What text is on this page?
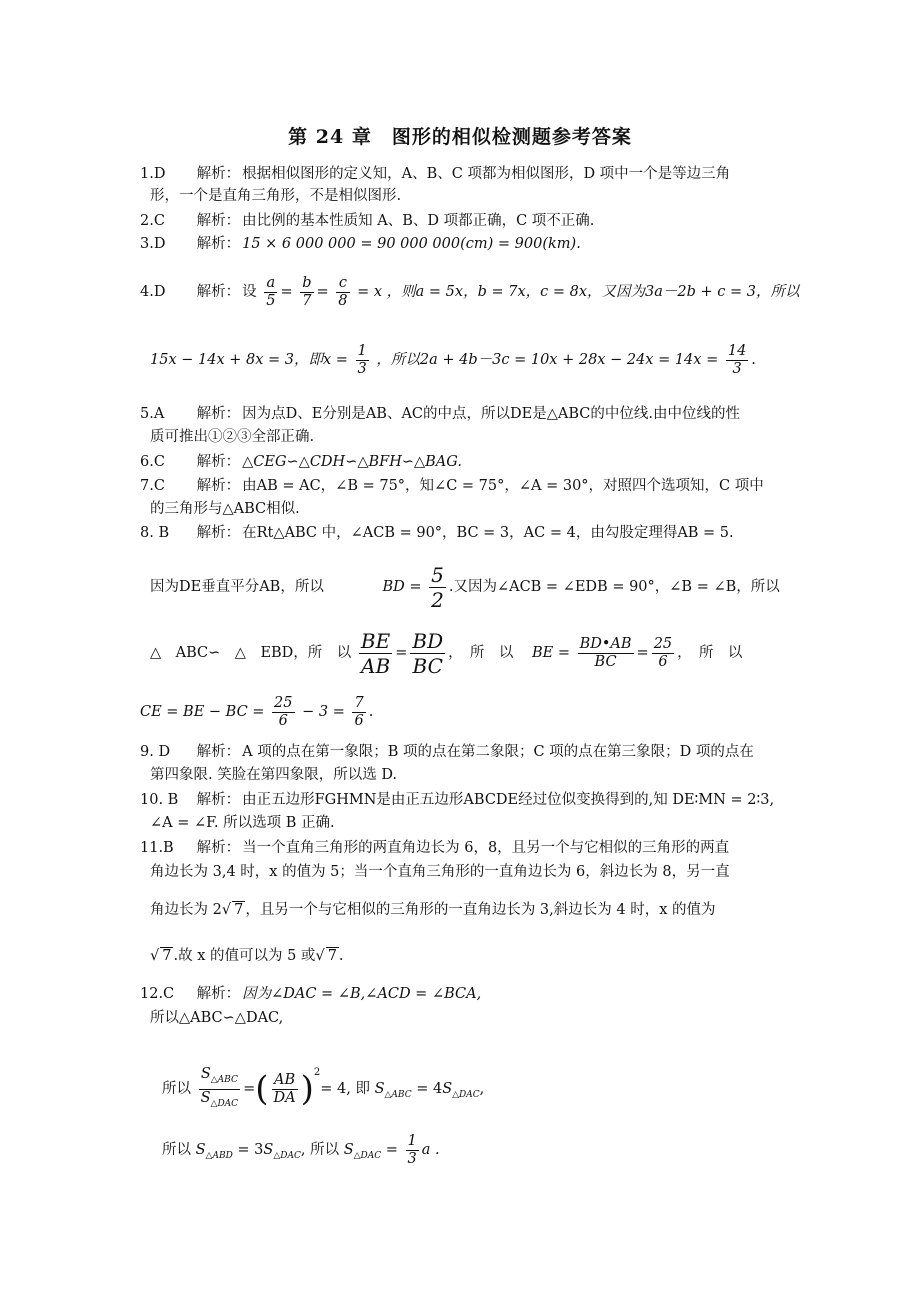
第 24 章　图形的相似检测题参考答案
1.D 解析： 根据相似图形的定义知，A、B、C 项都为相似图形，D 项中一个是等边三角
形，一个是直角三角形，不是相似图形.
2.C 解析： 由比例的基本性质知 A、B、D 项都正确，C 项不正确.
3.D 解析： 15 × 6 000 000 = 90 000 000(cm) = 900(km).
4.D 解析： 设 $\frac{a}{5} = \frac{b}{7} = \frac{c}{8} = x$ ，则a = 5x，b = 7x，c = 8x，又因为3a－2b + c = 3，所以
15x − 14x + 8x = 3，即$x = \frac{1}{3}$ ，所以$2a + 4b-3c = 10x + 28x - 24x = 14x = \frac{14}{3}$ .
5.A 解析： 因为点D、E分别是AB、AC的中点，所以DE是△ABC的中位线.由中位线的性
质可推出①②③全部正确.
6.C 解析： △CEG∽△CDH∽△BFH∽△BAG.
7.C 解析： 由AB = AC，∠B = 75°，知∠C = 75°，∠A = 30°，对照四个选项知，C 项中
的三角形与△ABC相似.
8. B 解析： 在Rt△ABC 中，∠ACB = 90°，BC = 3，AC = 4，由勾股定理得AB = 5.
因为DE垂直平分AB，所以	BD = $\frac{5}{2}$ .又因为∠ACB = ∠EDB = 90°，∠B = ∠B，所以
△　ABC∽　△　EBD，所　以 $\frac{BE}{AB} = \frac{BD}{BC}$ ，　所　以 BE = $\frac{BD•AB}{BC} = \frac{25}{6}$ ，　所　以
CE = BE − BC = $\frac{25}{6} - 3 = \frac{7}{6}$ .
9. D 解析： A 项的点在第一象限；B 项的点在第二象限；C 项的点在第三象限；D 项的点在
第四象限. 笑脸在第四象限，所以选 D.
10. B 解析： 由正五边形FGHMN是由正五边形ABCDE经过位似变换得到的,知 DE∶MN = 2∶3,
∠A = ∠F. 所以选项 B 正确.
11.B 解析： 当一个直角三角形的两直角边长为 6，8，且另一个与它相似的三角形的两直
角边长为 3,4 时，x 的值为 5；当一个直角三角形的一直角边长为 6，斜边长为 8，另一直
角边长为 2√ 7 ，且另一个与它相似的三角形的一直角边长为 3,斜边长为 4 时，x 的值为
√ 7 .故 x 的值可以为 5 或√ 7 .
12.C 解析： 因为∠DAC = ∠B,∠ACD = ∠BCA,
所以△ABC∽△DAC,
所以 $\frac{S_{\triangle ABC}}{S_{\triangle DAC}}$ =( $\frac{AB}{DA} )^2= 4$, 即 $S_{\triangle ABC} = 4S_{\triangle DAC}$,
所以 $S_{\triangle ABD} = 3S_{\triangle DAC}$, 所以 $S_{\triangle DAC} = \frac{1}{3}$ a .
